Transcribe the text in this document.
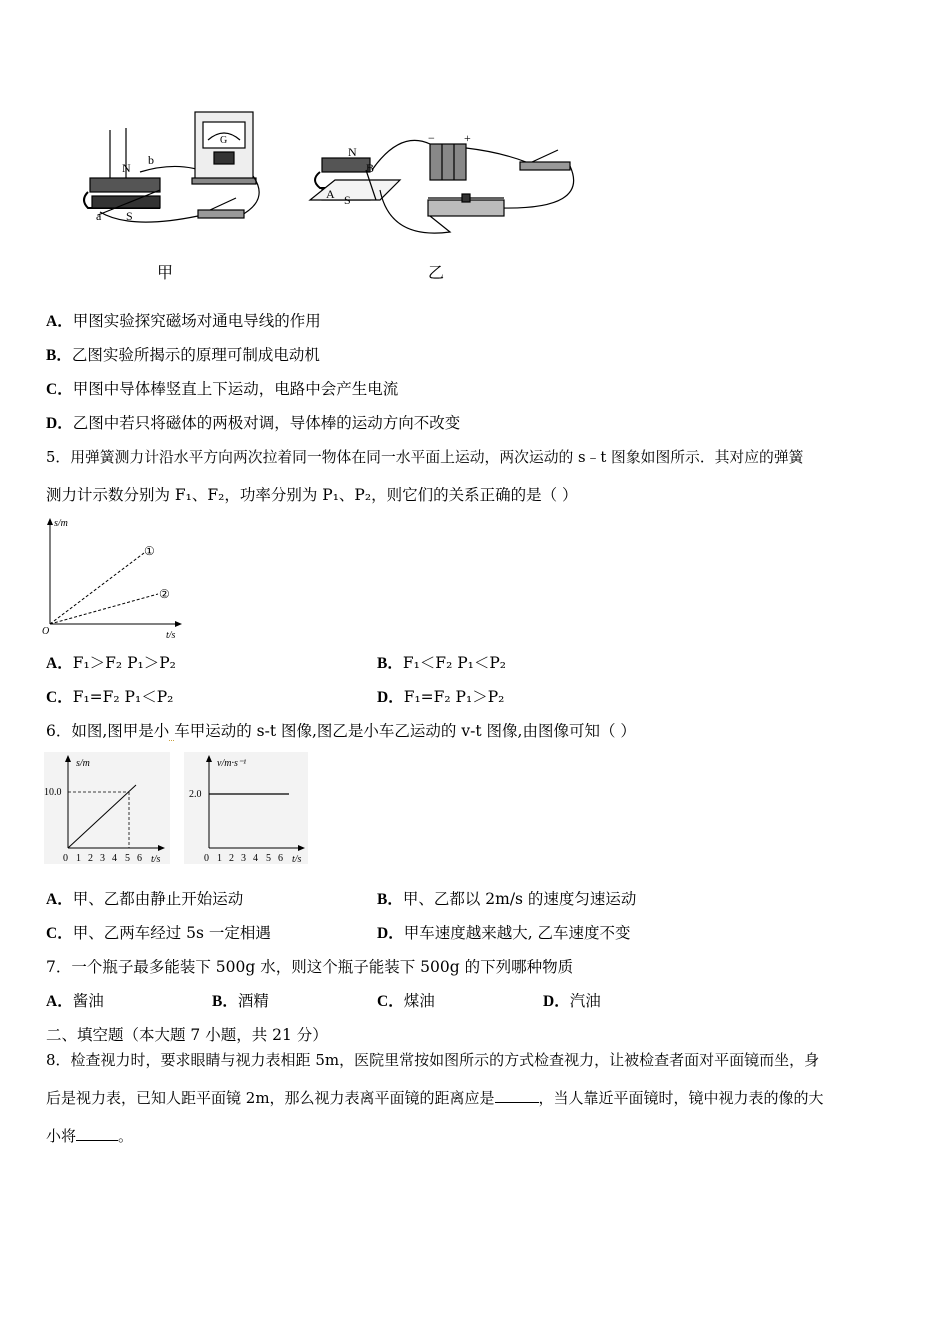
N
b
a S
G
N
B
A S
− +
甲	乙
A．甲图实验探究磁场对通电导线的作用
B．乙图实验所揭示的原理可制成电动机
C．甲图中导体棒竖直上下运动，电路中会产生电流
D．乙图中若只将磁体的两极对调，导体棒的运动方向不改变
5．用弹簧测力计沿水平方向两次拉着同一物体在同一水平面上运动，两次运动的 s﹣t 图象如图所示．其对应的弹簧
测力计示数分别为 F₁、F₂，功率分别为 P₁、P₂，则它们的关系正确的是（ ）
s/m
t/s
O
①
②
A．F₁＞F₂ P₁＞P₂	B．F₁＜F₂ P₁＜P₂
C．F₁=F₂ P₁＜P₂	D．F₁=F₂ P₁＞P₂
6．如图,图甲是小 车甲运动的 s-t 图像,图乙是小车乙运动的 v-t 图像,由图像可知（ ）
s/m
10.0
t/s
0 1 2 3 4 5 6
v/m·s⁻¹
2.0
t/s
0 1 2 3 4 5 6
A．甲、乙都由静止开始运动	B．甲、乙都以 2m/s 的速度匀速运动
C．甲、乙两车经过 5s 一定相遇	D．甲车速度越来越大, 乙车速度不变
7．一个瓶子最多能装下 500g 水，则这个瓶子能装下 500g 的下列哪种物质
A．酱油	B．酒精	C．煤油	D．汽油
二、填空题（本大题 7 小题，共 21 分）
8．检查视力时，要求眼睛与视力表相距 5m，医院里常按如图所示的方式检查视力，让被检查者面对平面镜而坐，身
后是视力表，已知人距平面镜 2m，那么视力表离平面镜的距离应是	，当人靠近平面镜时，镜中视力表的像的大
小将	。
